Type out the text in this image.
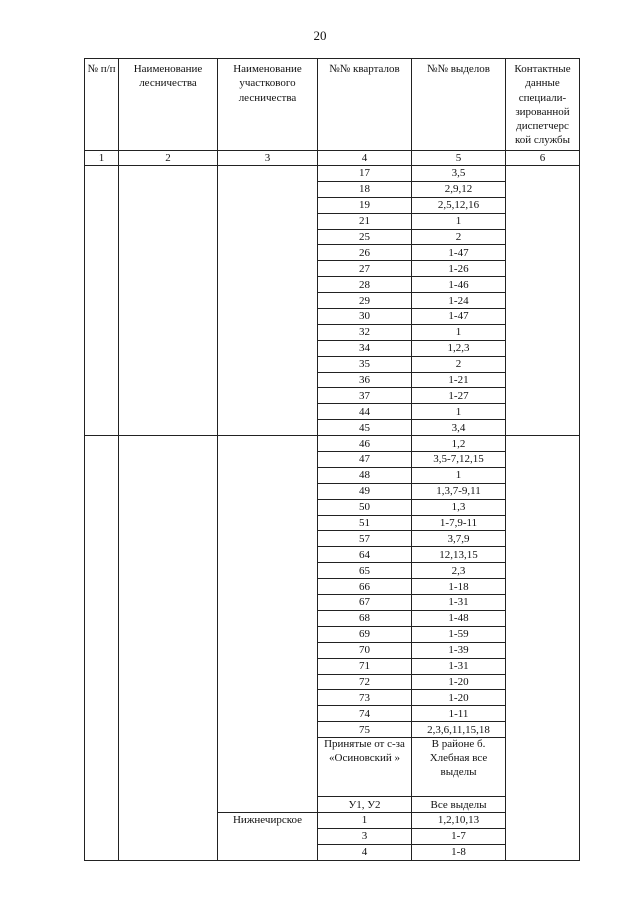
20
№ п/п	Наименование лесничества	Наименование участкового лесничества	№№ кварталов	№№ выделов	Контактные данные специали- зированной диспетчерс кой службы
1	2	3	4	5	6
			17	3,5	
			18	2,9,12	
			19	2,5,12,16	
			21	1	
			25	2	
			26	1-47	
			27	1-26	
			28	1-46	
			29	1-24	
			30	1-47	
			32	1	
			34	1,2,3	
			35	2	
			36	1-21	
			37	1-27	
			44	1	
			45	3,4	
			46	1,2	
			47	3,5-7,12,15	
			48	1	
			49	1,3,7-9,11	
			50	1,3	
			51	1-7,9-11	
			57	3,7,9	
			64	12,13,15	
			65	2,3	
			66	1-18	
			67	1-31	
			68	1-48	
			69	1-59	
			70	1-39	
			71	1-31	
			72	1-20	
			73	1-20	
			74	1-11	
			75	2,3,6,11,15,18	
			Принятые от с-за «Осиновский »	В районе б. Хлебная все выделы	
			У1, У2	Все выделы	
		Нижнечирское	1	1,2,10,13	
			3	1-7	
			4	1-8	
